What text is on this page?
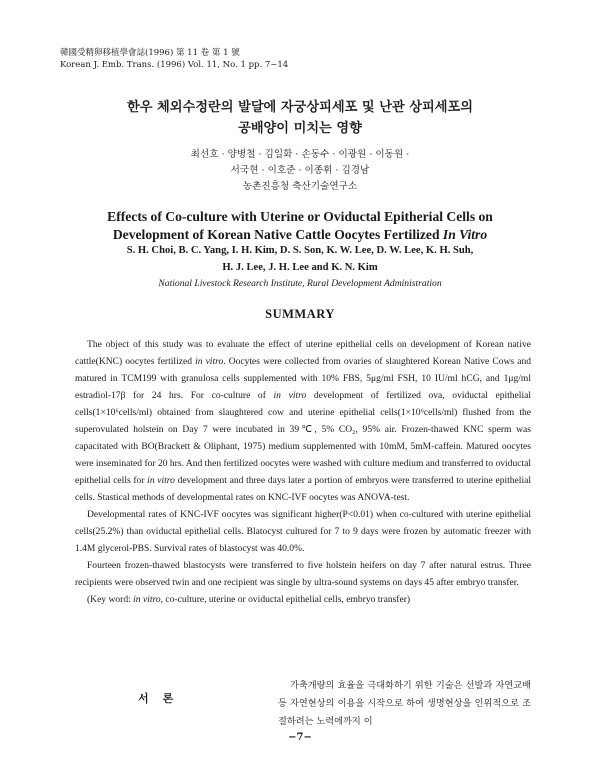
韓國受精卵移植學會誌(1996) 第 11 卷 第 1 號
Korean J. Emb. Trans. (1996) Vol. 11, No. 1 pp. 7~14
한우 체외수정란의 발달에 자궁상피세포 및 난관 상피세포의
공배양이 미치는 영향
최선호 · 양병철 · 김일화 · 손동수 · 이광원 · 이동원 ·
서국현 · 이호준 · 이종휘 · 김경남
농촌진흥청 축산기술연구소
Effects of Co-culture with Uterine or Oviductal Epitherial Cells on
Development of Korean Native Cattle Oocytes Fertilized In Vitro
S. H. Choi, B. C. Yang, I. H. Kim, D. S. Son, K. W. Lee, D. W. Lee, K. H. Suh,
H. J. Lee, J. H. Lee and K. N. Kim
National Livestock Research Institute, Rural Development Administration
SUMMARY

The object of this study was to evaluate the effect of uterine epithelial cells on development of Korean native cattle(KNC) oocytes fertilized in vitro. Oocytes were collected from ovaries of slaughtered Korean Native Cows and matured in TCM199 with granulosa cells supplemented with 10% FBS, 5μg/ml FSH, 10 IU/ml hCG, and 1μg/ml estradiol-17β for 24 hrs. For co-culture of in vitro development of fertilized ova, oviductal epithelial cells(1×10⁶cells/ml) obtained from slaughtered cow and uterine epithelial cells(1×10⁶cells/ml) flushed from the superovulated holstein on Day 7 were incubated in 39℃, 5% CO₂, 95% air. Frozen-thawed KNC sperm was capacitated with BO(Brackett & Oliphant, 1975) medium supplemented with 10mM, 5mM-caffein. Matured oocytes were inseminated for 20 hrs. And then fertilized oocytes were washed with culture medium and transferred to oviductal epithelial cells for in vitro development and three days later a portion of embryos were transferred to uterine epithelial cells. Stastical methods of developmental rates on KNC-IVF oocytes was ANOVA-test.

Developmental rates of KNC-IVF oocytes was significant higher(P<0.01) when co-cultured with uterine epithelial cells(25.2%) than oviductal epithelial cells. Blatocyst cultured for 7 to 9 days were frozen by automatic freezer with 1.4M glycerol-PBS. Survival rates of blastocyst was 40.0%.

Fourteen frozen-thawed blastocysts were transferred to five holstein heifers on day 7 after natural estrus. Three recipients were observed twin and one recipient was single by ultra-sound systems on days 45 after embryo transfer.

(Key word: in vitro, co-culture, uterine or oviductal epithelial cells, embryo transfer)

서론

가축개량의 효율을 극대화하기 위한 기술은 선발과 자연교배 등 자연현상의 이용을 시작으로 하여 생명현상을 인위적으로 조절하려는 노력에까지 이

−7−
